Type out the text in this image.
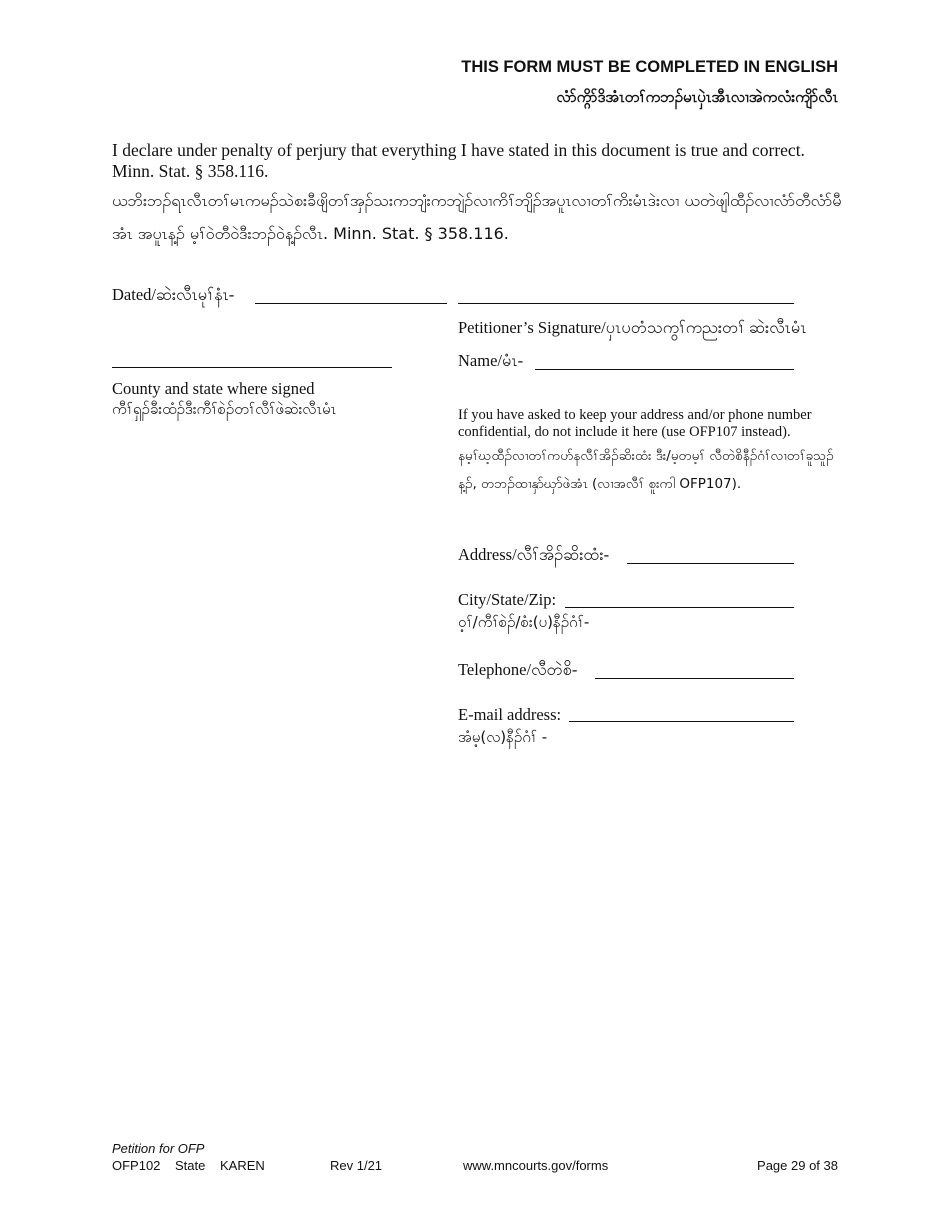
THIS FORM MUST BE COMPLETED IN ENGLISH
လံာ်က္ဂိာ်ဒိအံၤတၢ်ကဘၣ်မၤပှဲၤအီၤလၢအဲကလံးကျိာ်လီၤ
I declare under penalty of perjury that everything I have stated in this document is true and correct. Minn. Stat. § 358.116.
ယဘိးဘၣ်ရၤလီၤတၢ်မၤကမၣ်သဲစးခီဖျိတၢ်အှၣ်သးကဘျံးကဘျဲၣ်လၢကိၢ်ဘျိၣ်အပူၤလၢတၢ်ကိးမံၤဒဲးလၢ ယတဲဖျါထီၣ်လၢလံာ်တီလံာ်မီအံၤ အပူၤန့ၣ် မ့ၢ်ဝဲတီဝဲဒီးဘၣ်ဝဲန့ၣ်လီၤ. Minn. Stat. § 358.116.
Dated/ဆဲးလီၤမုၢ်နံၤ-
Petitioner’s Signature/ပှၤပတံသကွၢ်ကညးတၢ် ဆဲးလီၤမံၤ
Name/မံၤ-
County and state where signed
ကီၢ်ရှၣ်ခီးထံၣ်ဒီးကီၢ်စဲၣ်တၢ်လီၢ်ဖဲဆဲးလီၤမံၤ	If you have asked to keep your address and/or phone number confidential, do not include it here (use OFP107 instead).
နမ့ၢ်ဃ့ထီၣ်လၢတၢ်ကဟ်နလီၢ်အိၣ်ဆိးထံး ဒီး/မ့တမ့ၢ် လီတဲစိနီၣ်ဂံၢ်လၢတၢ်ခူသူၣ်န့ၣ်, တဘၣ်ထၢနှာ်ဃှာ်ဖဲအံၤ (လၢအလီၢ် စူးကါ OFP107).
Address/လီၢ်အိၣ်ဆိးထံး-
City/State/Zip:
ဝ့ၢ်/ကီၢ်စဲၣ်/စံး(ပ)နီၣ်ဂံၢ်-
Telephone/လီတဲစိ-
E-mail address:
အံမ့(လ)နီၣ်ဂံၢ် -
Petition for OFP
OFP102 State KAREN	Rev 1/21	www.mncourts.gov/forms	Page 29 of 38
